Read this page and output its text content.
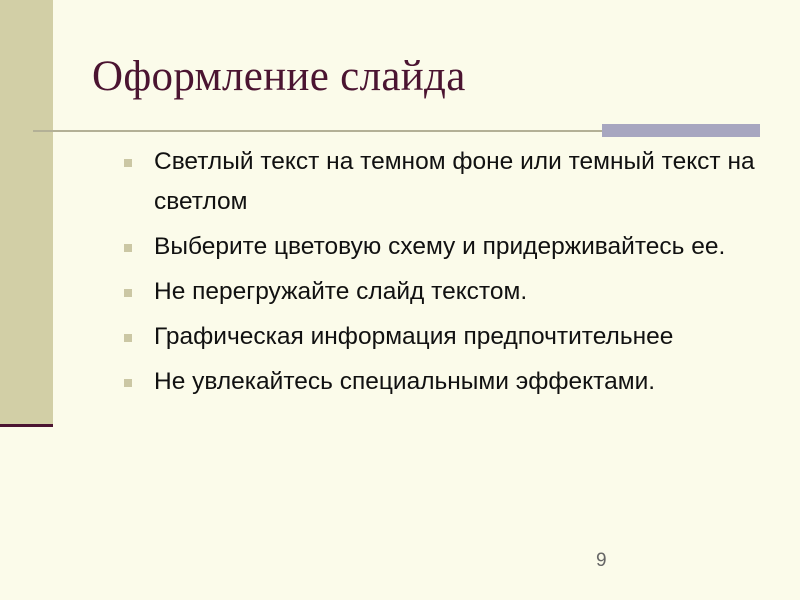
Оформление слайда
Светлый текст на темном фоне или темный текст на светлом
Выберите цветовую схему и придерживайтесь ее.
Не перегружайте слайд текстом.
Графическая информация предпочтительнее
Не увлекайтесь специальными эффектами.
9
